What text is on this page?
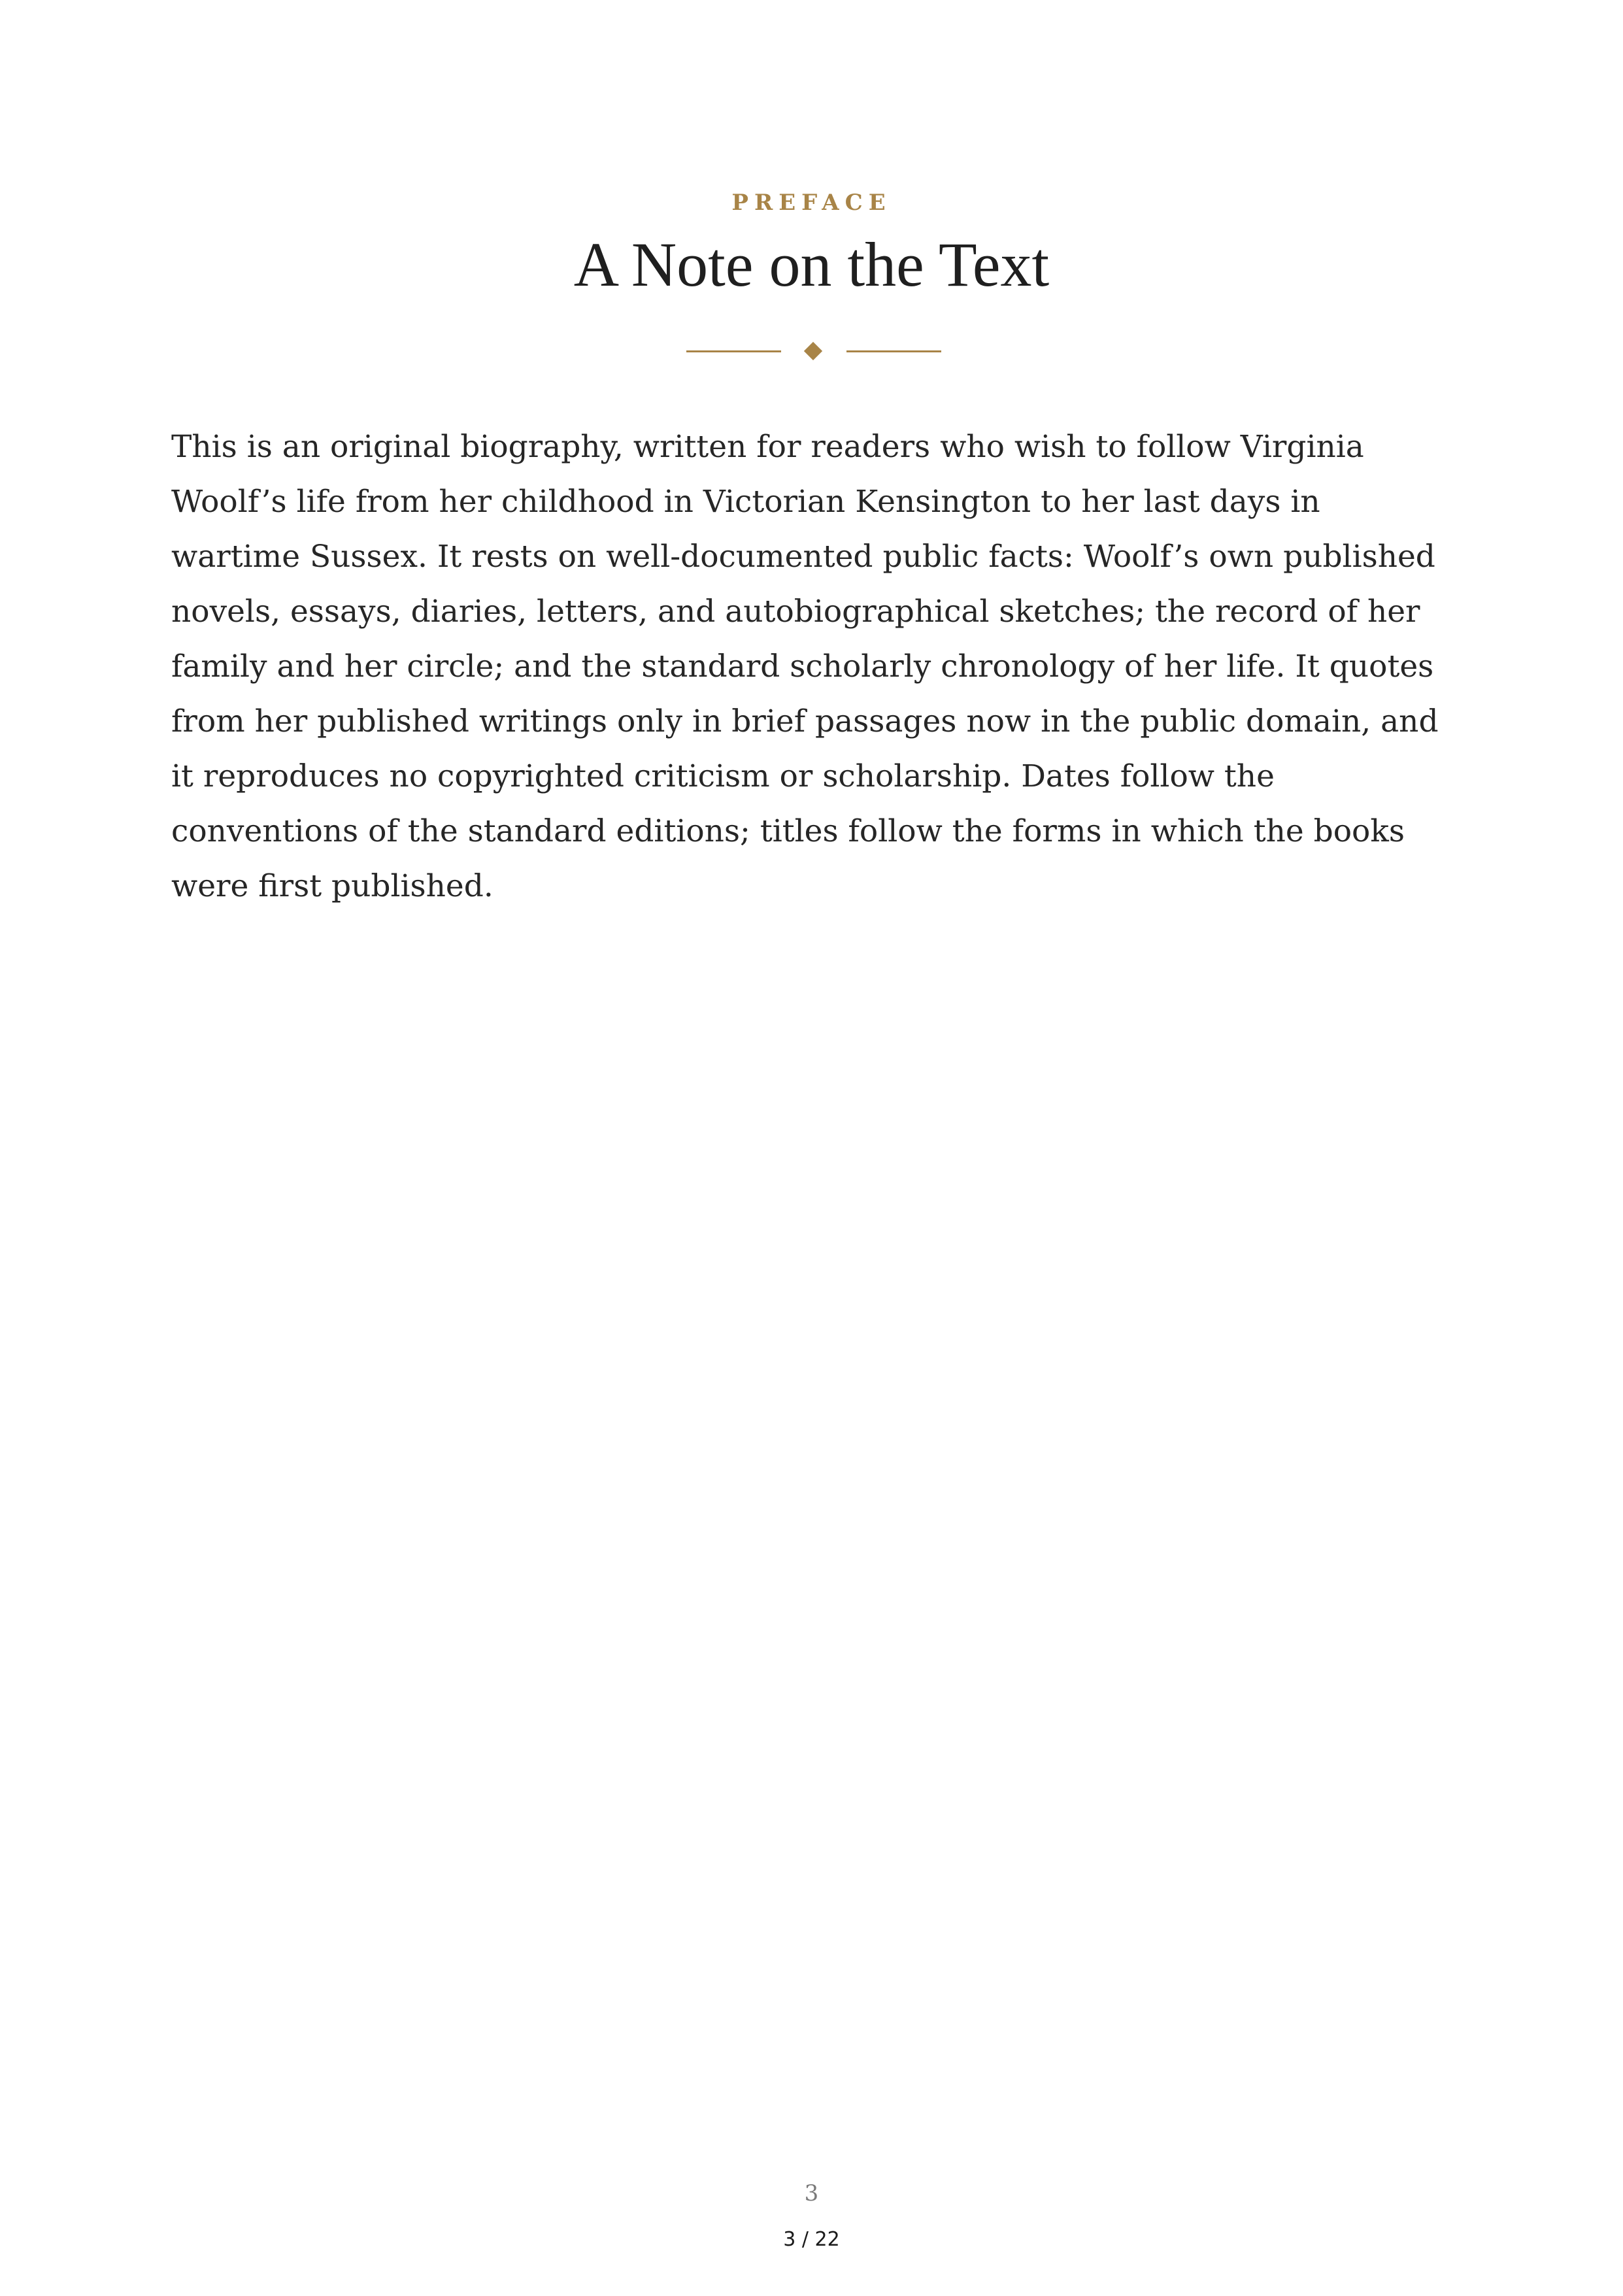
PREFACE
A Note on the Text

This is an original biography, written for readers who wish to follow Virginia Woolf’s life from her childhood in Victorian Kensington to her last days in wartime Sussex. It rests on well-documented public facts: Woolf’s own published novels, essays, diaries, letters, and autobiographical sketches; the record of her family and her circle; and the standard scholarly chronology of her life. It quotes from her published writings only in brief passages now in the public domain, and it reproduces no copyrighted criticism or scholarship. Dates follow the conventions of the standard editions; titles follow the forms in which the books were first published.

3
3 / 22
